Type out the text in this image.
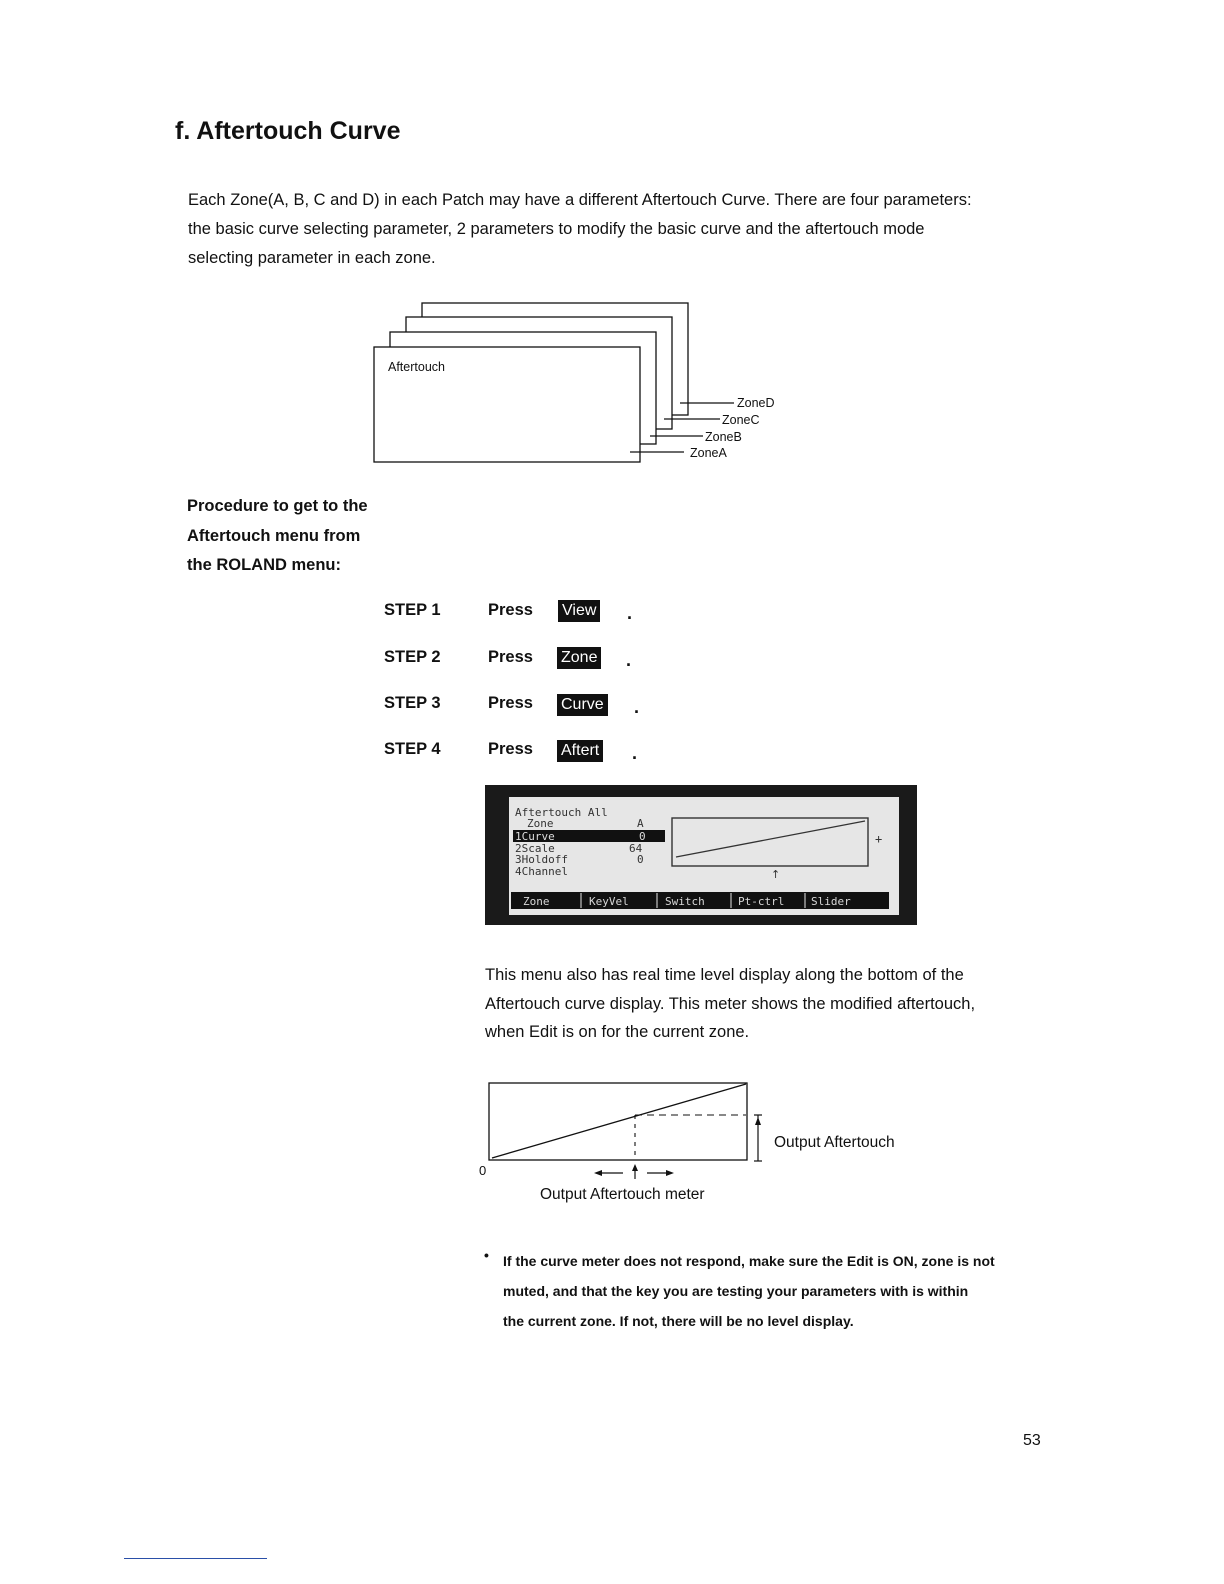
f. Aftertouch Curve

Each Zone(A, B, C and D) in each Patch may have a different Aftertouch Curve. There are four parameters:
the basic curve selecting parameter, 2 parameters to modify the basic curve and the aftertouch mode
selecting parameter in each zone.

Aftertouch
ZoneD
ZoneC
ZoneB
ZoneA
Procedure to get to the
Aftertouch menu from
the ROLAND menu:
STEP 1	Press View .
STEP 2	Press Zone .
STEP 3	Press Curve .
STEP 4	Press Aftert .
Aftertouch All
Zone	A
1Curve	0
2Scale	64
3Holdoff	0
4Channel
+
↑
Zone	KeyVel	Switch	Pt-ctrl Slider

This menu also has real time level display along the bottom of the
Aftertouch curve display. This meter shows the modified aftertouch,
when Edit is on for the current zone.

0
Output Aftertouch
Output Aftertouch meter
• If the curve meter does not respond, make sure the Edit is ON, zone is not
muted, and that the key you are testing your parameters with is within
the current zone. If not, there will be no level display.

53
